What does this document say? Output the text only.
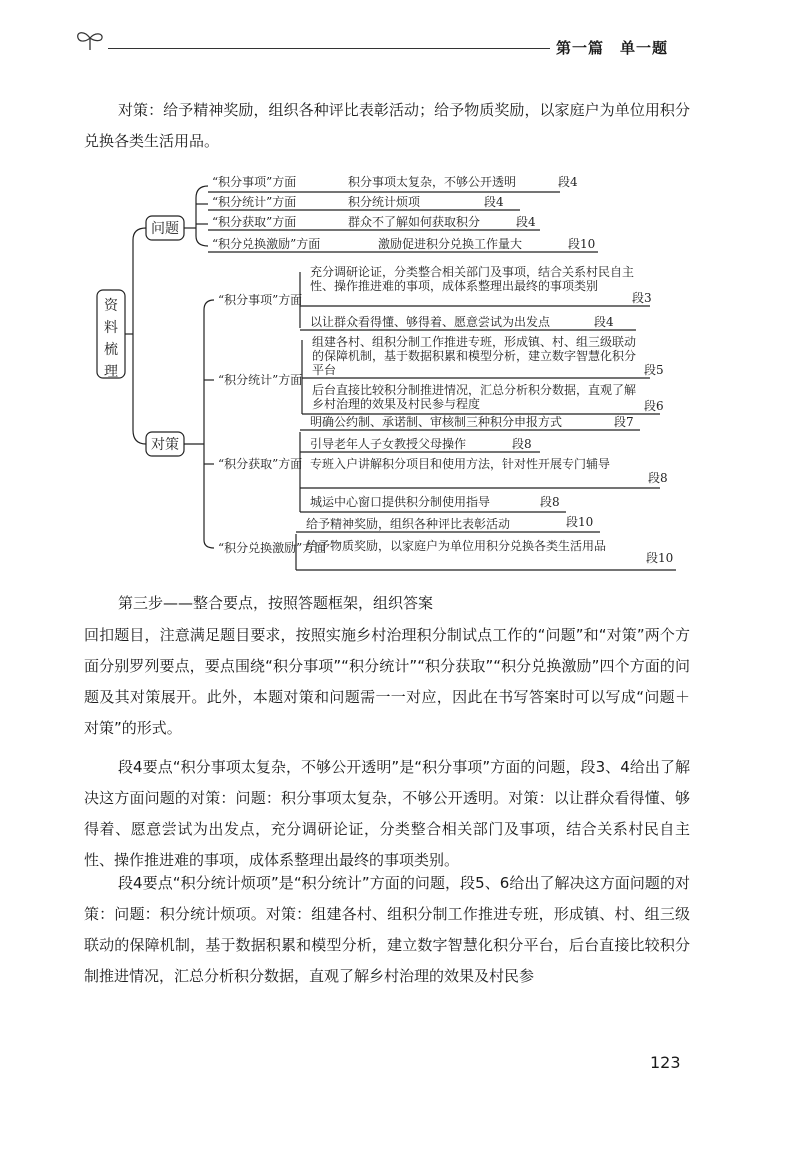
第一篇　单一题
对策：给予精神奖励，组织各种评比表彰活动；给予物质奖励，以家庭户为单位用积分兑换各类生活用品。
资
料
梳
理
问题
对策
“积分事项”方面	积分事项太复杂，不够公开透明	段4
“积分统计”方面	积分统计烦项	段4
“积分获取”方面	群众不了解如何获取积分	段4
“积分兑换激励”方面	激励促进积分兑换工作量大	段10
“积分事项”方面
“积分统计”方面
“积分获取”方面
“积分兑换激励”方面
充分调研论证，分类整合相关部门及事项，结合关系村民自主性、操作推进难的事项，成体系整理出最终的事项类别
段3
以让群众看得懂、够得着、愿意尝试为出发点	段4
组建各村、组积分制工作推进专班，形成镇、村、组三级联动的保障机制，基于数据积累和模型分析，建立数字智慧化积分平台	段5
后台直接比较积分制推进情况，汇总分析积分数据，直观了解乡村治理的效果及村民参与程度	段6
明确公约制、承诺制、审核制三种积分申报方式	段7
引导老年人子女教授父母操作	段8
专班入户讲解积分项目和使用方法，针对性开展专门辅导
段8
城运中心窗口提供积分制使用指导	段8
给予精神奖励，组织各种评比表彰活动	段10
给予物质奖励，以家庭户为单位用积分兑换各类生活用品
段10
第三步——整合要点，按照答题框架，组织答案
回扣题目，注意满足题目要求，按照实施乡村治理积分制试点工作的“问题”和“对策”两个方面分别罗列要点，要点围绕“积分事项”“积分统计”“积分获取”“积分兑换激励”四个方面的问题及其对策展开。此外，本题对策和问题需一一对应，因此在书写答案时可以写成“问题＋对策”的形式。
段4要点“积分事项太复杂，不够公开透明”是“积分事项”方面的问题，段3、4给出了解决这方面问题的对策：问题：积分事项太复杂，不够公开透明。对策：以让群众看得懂、够得着、愿意尝试为出发点，充分调研论证，分类整合相关部门及事项，结合关系村民自主性、操作推进难的事项，成体系整理出最终的事项类别。
段4要点“积分统计烦项”是“积分统计”方面的问题，段5、6给出了解决这方面问题的对策：问题：积分统计烦项。对策：组建各村、组积分制工作推进专班，形成镇、村、组三级联动的保障机制，基于数据积累和模型分析，建立数字智慧化积分平台，后台直接比较积分制推进情况，汇总分析积分数据，直观了解乡村治理的效果及村民参
123
